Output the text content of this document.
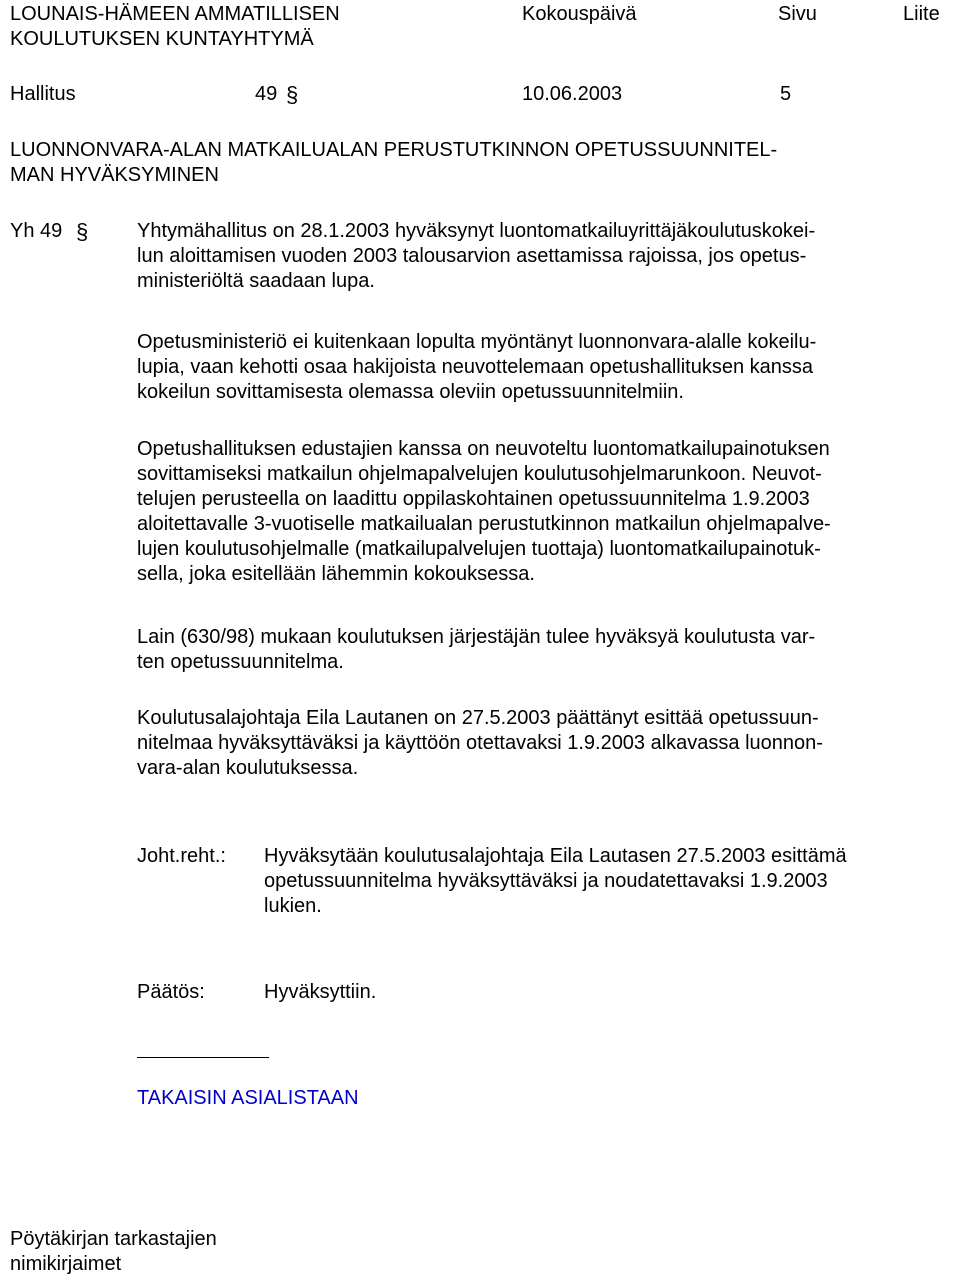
LOUNAIS-HÄMEEN AMMATILLISEN
KOULUTUKSEN KUNTAYHTYMÄ
Kokouspäivä	Sivu	Liite
Hallitus	49 §	10.06.2003	5
LUONNONVARA-ALAN MATKAILUALAN PERUSTUTKINNON OPETUSSUUNNITEL-
MAN HYVÄKSYMINEN
Yh 49 § Yhtymähallitus on 28.1.2003 hyväksynyt luontomatkailuyrittäjäkoulutuskokei-
lun aloittamisen vuoden 2003 talousarvion asettamissa rajoissa, jos opetus-
ministeriöltä saadaan lupa.
Opetusministeriö ei kuitenkaan lopulta myöntänyt luonnonvara-alalle kokeilu-
lupia, vaan kehotti osaa hakijoista neuvottelemaan opetushallituksen kanssa
kokeilun sovittamisesta olemassa oleviin opetussuunnitelmiin.
Opetushallituksen edustajien kanssa on neuvoteltu luontomatkailupainotuksen
sovittamiseksi matkailun ohjelmapalvelujen koulutusohjelmarunkoon. Neuvot-
telujen perusteella on laadittu oppilaskohtainen opetussuunnitelma 1.9.2003
aloitettavalle 3-vuotiselle matkailualan perustutkinnon matkailun ohjelmapalve-
lujen koulutusohjelmalle (matkailupalvelujen tuottaja) luontomatkailupainotuk-
sella, joka esitellään lähemmin kokouksessa.
Lain (630/98) mukaan koulutuksen järjestäjän tulee hyväksyä koulutusta var-
ten opetussuunnitelma.
Koulutusalajohtaja Eila Lautanen on 27.5.2003 päättänyt esittää opetussuun-
nitelmaa hyväksyttäväksi ja käyttöön otettavaksi 1.9.2003 alkavassa luonnon-
vara-alan koulutuksessa.
Joht.reht.: Hyväksytään koulutusalajohtaja Eila Lautasen 27.5.2003 esittämä
opetussuunnitelma hyväksyttäväksi ja noudatettavaksi 1.9.2003
lukien.
Päätös:	Hyväksyttiin.
TAKAISIN ASIALISTAAN
Pöytäkirjan tarkastajien
nimikirjaimet
